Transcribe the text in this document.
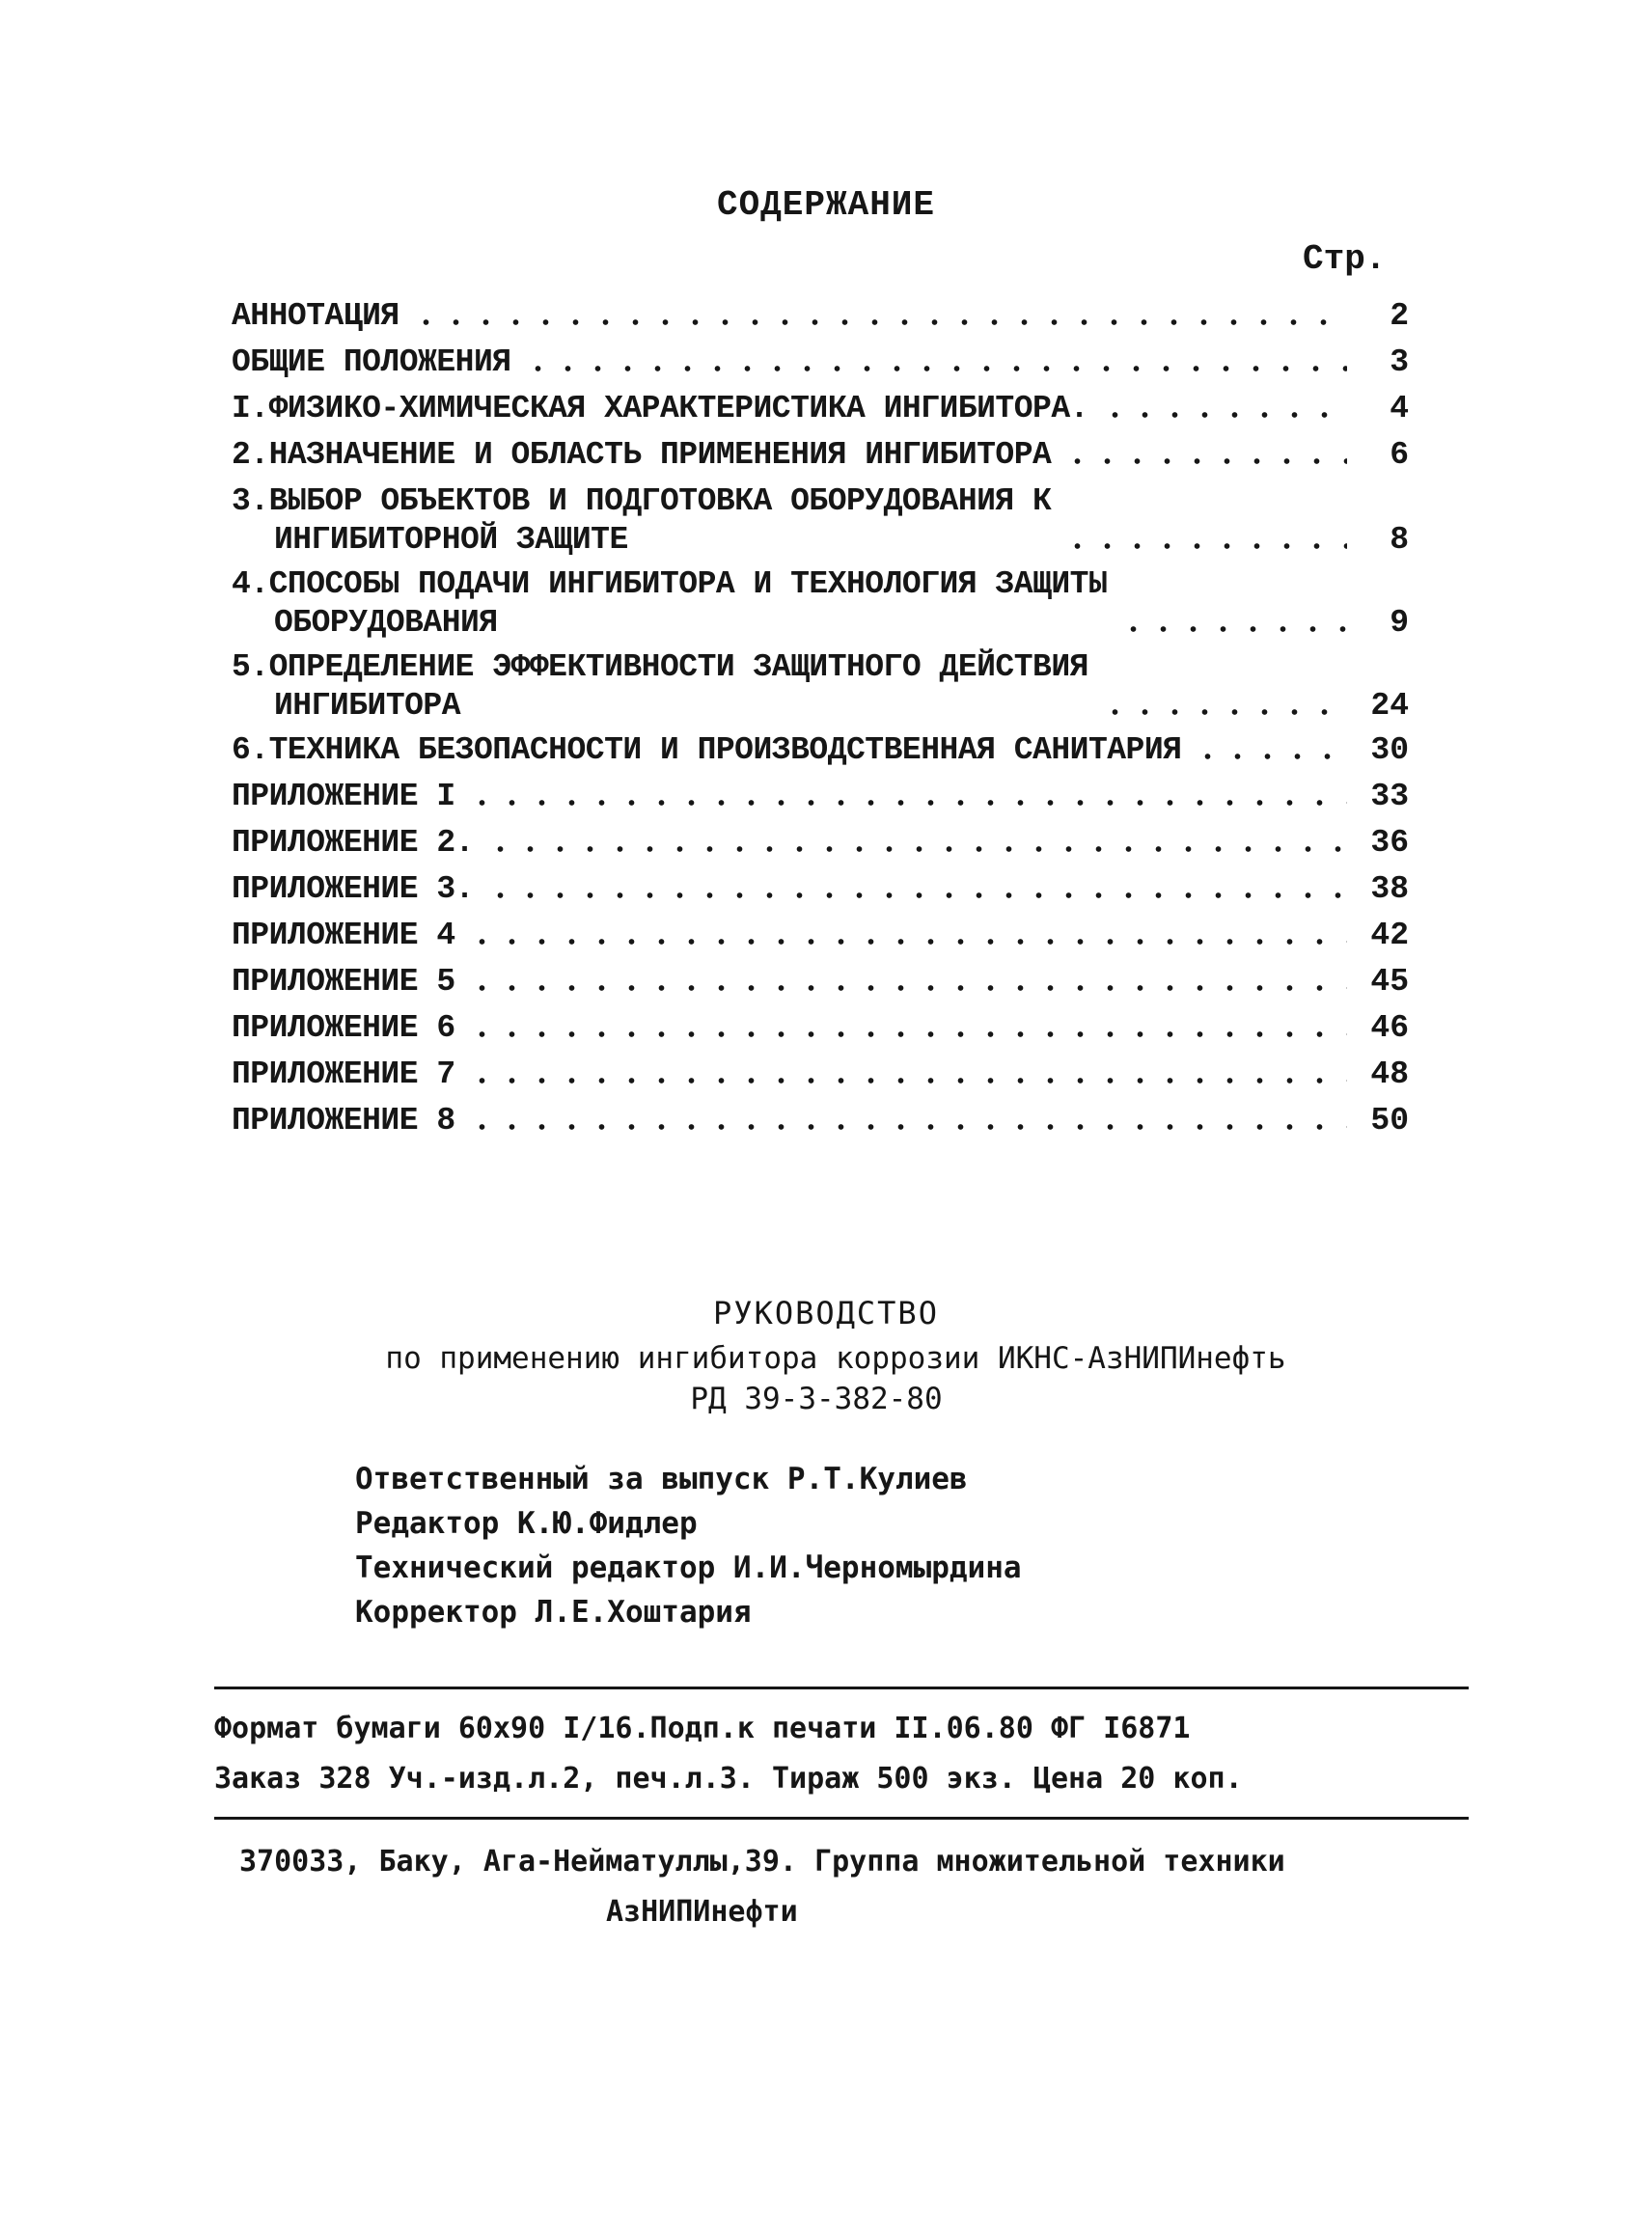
СОДЕРЖАНИЕ
Стр.
АННОТАЦИЯ	2
ОБЩИЕ ПОЛОЖЕНИЯ	3
I.ФИЗИКО-ХИМИЧЕСКАЯ ХАРАКТЕРИСТИКА ИНГИБИТОРА.	4
2.НАЗНАЧЕНИЕ И ОБЛАСТЬ ПРИМЕНЕНИЯ ИНГИБИТОРА	6
3.ВЫБОР ОБЪЕКТОВ И ПОДГОТОВКА ОБОРУДОВАНИЯ К
ИНГИБИТОРНОЙ ЗАЩИТЕ	8
4.СПОСОБЫ ПОДАЧИ ИНГИБИТОРА И ТЕХНОЛОГИЯ ЗАЩИТЫ
ОБОРУДОВАНИЯ	9
5.ОПРЕДЕЛЕНИЕ ЭФФЕКТИВНОСТИ ЗАЩИТНОГО ДЕЙСТВИЯ
ИНГИБИТОРА	24
6.ТЕХНИКА БЕЗОПАСНОСТИ И ПРОИЗВОДСТВЕННАЯ САНИТАРИЯ	30
ПРИЛОЖЕНИЕ I	33
ПРИЛОЖЕНИЕ 2.	36
ПРИЛОЖЕНИЕ 3.	38
ПРИЛОЖЕНИЕ 4	42
ПРИЛОЖЕНИЕ 5	45
ПРИЛОЖЕНИЕ 6	46
ПРИЛОЖЕНИЕ 7	48
ПРИЛОЖЕНИЕ 8	50
РУКОВОДСТВО
по применению ингибитора коррозии ИКНС-АзНИПИнефть
РД 39-3-382-80
Ответственный за выпуск Р.Т.Кулиев
Редактор К.Ю.Фидлер
Технический редактор И.И.Черномырдина
Корректор Л.Е.Хоштария
Формат бумаги 60х90 I/16.Подп.к печати II.06.80 ФГ I6871
Заказ 328 Уч.-изд.л.2, печ.л.3. Тираж 500 экз. Цена 20 коп.
370033, Баку, Ага-Нейматуллы,39. Группа множительной техники
АзНИПИнефти
